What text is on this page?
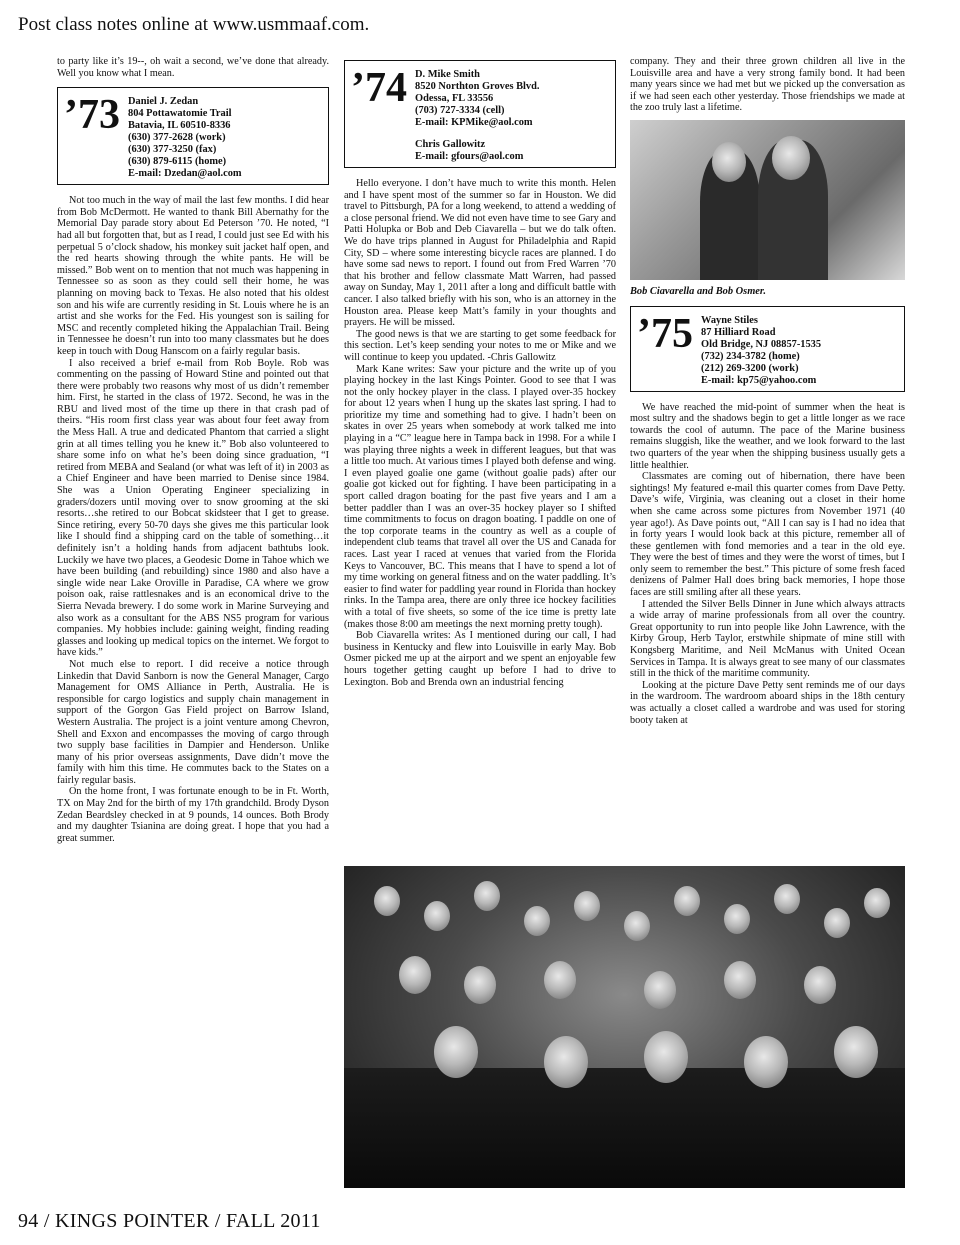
Post class notes online at www.usmmaaf.com.

to party like it’s 19--, oh wait a second, we’ve done that already. Well you know what I mean.

’73 Daniel J. Zedan
804 Pottawatomie Trail
Batavia, IL 60510-8336
(630) 377-2628 (work)
(630) 377-3250 (fax)
(630) 879-6115 (home)
E-mail: Dzedan@aol.com

Not too much in the way of mail the last few months. I did hear from Bob McDermott. He wanted to thank Bill Abernathy for the Memorial Day parade story about Ed Peterson ’70. He noted, “I had all but forgotten that, but as I read, I could just see Ed with his perpetual 5 o’clock shadow, his monkey suit jacket half open, and the red hearts showing through the white pants. He will be missed.” Bob went on to mention that not much was happening in Tennessee so as soon as they could sell their home, he was planning on moving back to Texas. He also noted that his oldest son and his wife are currently residing in St. Louis where he is an artist and she works for the Fed. His youngest son is sailing for MSC and recently completed hiking the Appalachian Trail. Being in Tennessee he doesn’t run into too many classmates but he does keep in touch with Doug Hanscom on a fairly regular basis.

I also received a brief e-mail from Rob Boyle. Rob was commenting on the passing of Howard Stine and pointed out that there were probably two reasons why most of us didn’t remember him. First, he started in the class of 1972. Second, he was in the RBU and lived most of the time up there in that crash pad of theirs. “His room first class year was about four feet away from the Mess Hall. A true and dedicated Phantom that carried a slight grin at all times telling you he knew it.” Bob also volunteered to share some info on what he’s been doing since graduation, “I retired from MEBA and Sealand (or what was left of it) in 2003 as a Chief Engineer and have been married to Denise since 1984. She was a Union Operating Engineer specializing in graders/dozers until moving over to snow grooming at the ski resorts…she retired to our Bobcat skidsteer that I get to grease. Since retiring, every 50-70 days she gives me this particular look like I should find a shipping card on the table of something…it definitely isn’t a holding hands from adjacent bathtubs look. Luckily we have two places, a Geodesic Dome in Tahoe which we have been building (and rebuilding) since 1980 and also have a single wide near Lake Oroville in Paradise, CA where we grow poison oak, raise rattlesnakes and is an economical drive to the Sierra Nevada brewery. I do some work in Marine Surveying and also work as a consultant for the ABS NS5 program for various companies. My hobbies include: gaining weight, finding reading glasses and looking up medical topics on the internet. We forgot to have kids.”

Not much else to report. I did receive a notice through Linkedin that David Sanborn is now the General Manager, Cargo Management for OMS Alliance in Perth, Australia. He is responsible for cargo logistics and supply chain management in support of the Gorgon Gas Field project on Barrow Island, Western Australia. The project is a joint venture among Chevron, Shell and Exxon and encompasses the moving of cargo through two supply base facilities in Dampier and Henderson. Unlike many of his prior overseas assignments, Dave didn’t move the family with him this time. He commutes back to the States on a fairly regular basis.

On the home front, I was fortunate enough to be in Ft. Worth, TX on May 2nd for the birth of my 17th grandchild. Brody Dyson Zedan Beardsley checked in at 9 pounds, 14 ounces. Both Brody and my daughter Tsianina are doing great. I hope that you had a great summer.

’74 D. Mike Smith
8520 Northton Groves Blvd.
Odessa, FL 33556
(703) 727-3334 (cell)
E-mail: KPMike@aol.com
Chris Gallowitz
E-mail: gfours@aol.com

Hello everyone. I don’t have much to write this month. Helen and I have spent most of the summer so far in Houston. We did travel to Pittsburgh, PA for a long weekend, to attend a wedding of a close personal friend. We did not even have time to see Gary and Patti Holupka or Bob and Deb Ciavarella – but we do talk often. We do have trips planned in August for Philadelphia and Rapid City, SD – where some interesting bicycle races are planned. I do have some sad news to report. I found out from Fred Warren ’70 that his brother and fellow classmate Matt Warren, had passed away on Sunday, May 1, 2011 after a long and difficult battle with cancer. I also talked briefly with his son, who is an attorney in the Houston area. Please keep Matt’s family in your thoughts and prayers. He will be missed.

The good news is that we are starting to get some feedback for this section. Let’s keep sending your notes to me or Mike and we will continue to keep you updated. -Chris Gallowitz

Mark Kane writes: Saw your picture and the write up of you playing hockey in the last Kings Pointer. Good to see that I was not the only hockey player in the class. I played over-35 hockey for about 12 years when I hung up the skates last spring. I had to prioritize my time and something had to give. I hadn’t been on skates in over 25 years when somebody at work talked me into playing in a “C” league here in Tampa back in 1998. For a while I was playing three nights a week in different leagues, but that was a little too much. At various times I played both defense and wing. I even played goalie one game (without goalie pads) after our goalie got kicked out for fighting. I have been participating in a sport called dragon boating for the past five years and I am a better paddler than I was an over-35 hockey player so I shifted time commitments to focus on dragon boating. I paddle on one of the top corporate teams in the country as well as a couple of independent club teams that travel all over the US and Canada for races. Last year I raced at venues that varied from the Florida Keys to Vancouver, BC. This means that I have to spend a lot of my time working on general fitness and on the water paddling. It’s easier to find water for paddling year round in Florida than hockey rinks. In the Tampa area, there are only three ice hockey facilities with a total of five sheets, so some of the ice time is pretty late (makes those 8:00 am meetings the next morning pretty tough).

Bob Ciavarella writes: As I mentioned during our call, I had business in Kentucky and flew into Louisville in early May. Bob Osmer picked me up at the airport and we spent an enjoyable few hours together getting caught up before I had to drive to Lexington. Bob and Brenda own an industrial fencing

company. They and their three grown children all live in the Louisville area and have a very strong family bond. It had been many years since we had met but we picked up the conversation as if we had seen each other yesterday. Those friendships we made at the zoo truly last a lifetime.

Bob Ciavarella and Bob Osmer.
’75 Wayne Stiles
87 Hilliard Road
Old Bridge, NJ 08857-1535
(732) 234-3782 (home)
(212) 269-3200 (work)
E-mail: kp75@yahoo.com

We have reached the mid-point of summer when the heat is most sultry and the shadows begin to get a little longer as we race towards the cool of autumn. The pace of the Marine business remains sluggish, like the weather, and we look forward to the last two quarters of the year when the shipping business usually gets a little healthier.

Classmates are coming out of hibernation, there have been sightings! My featured e-mail this quarter comes from Dave Petty. Dave’s wife, Virginia, was cleaning out a closet in their home when she came across some pictures from November 1971 (40 year ago!). As Dave points out, “All I can say is I had no idea that in forty years I would look back at this picture, remember all of these gentlemen with fond memories and a tear in the old eye. They were the best of times and they were the worst of times, but I only seem to remember the best.” This picture of some fresh faced denizens of Palmer Hall does bring back memories, I hope those faces are still smiling after all these years.

I attended the Silver Bells Dinner in June which always attracts a wide array of marine professionals from all over the country. Great opportunity to run into people like John Lawrence, with the Kirby Group, Herb Taylor, erstwhile shipmate of mine still with Kongsberg Maritime, and Neil McManus with United Ocean Services in Tampa. It is always great to see many of our classmates still in the thick of the maritime community.

Looking at the picture Dave Petty sent reminds me of our days in the wardroom. The wardroom aboard ships in the 18th century was actually a closet called a wardrobe and was used for storing booty taken at

94 / KINGS POINTER / FALL 2011
